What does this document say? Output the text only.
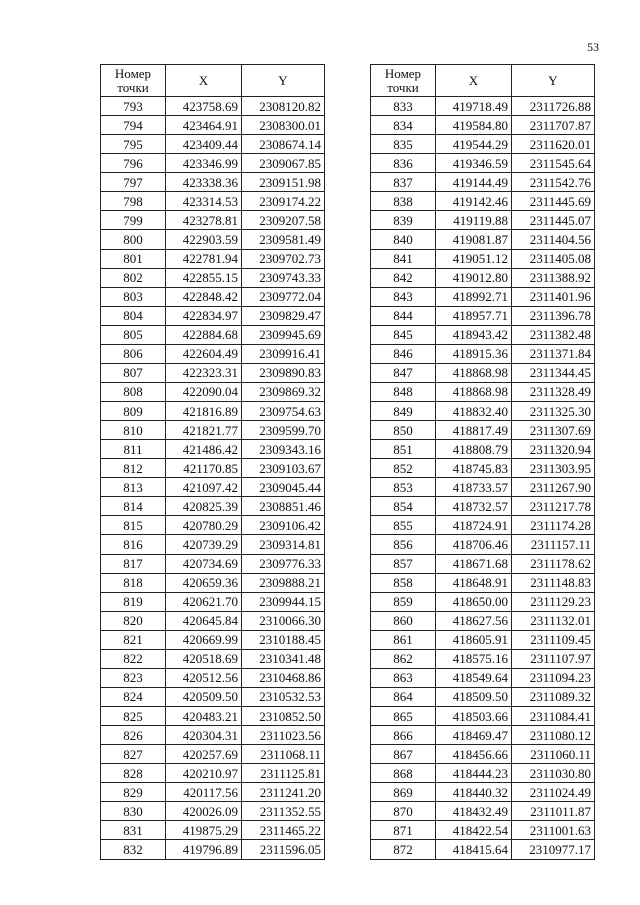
53
Номер
точки	X	Y
793	423758.69	2308120.82
794	423464.91	2308300.01
795	423409.44	2308674.14
796	423346.99	2309067.85
797	423338.36	2309151.98
798	423314.53	2309174.22
799	423278.81	2309207.58
800	422903.59	2309581.49
801	422781.94	2309702.73
802	422855.15	2309743.33
803	422848.42	2309772.04
804	422834.97	2309829.47
805	422884.68	2309945.69
806	422604.49	2309916.41
807	422323.31	2309890.83
808	422090.04	2309869.32
809	421816.89	2309754.63
810	421821.77	2309599.70
811	421486.42	2309343.16
812	421170.85	2309103.67
813	421097.42	2309045.44
814	420825.39	2308851.46
815	420780.29	2309106.42
816	420739.29	2309314.81
817	420734.69	2309776.33
818	420659.36	2309888.21
819	420621.70	2309944.15
820	420645.84	2310066.30
821	420669.99	2310188.45
822	420518.69	2310341.48
823	420512.56	2310468.86
824	420509.50	2310532.53
825	420483.21	2310852.50
826	420304.31	2311023.56
827	420257.69	2311068.11
828	420210.97	2311125.81
829	420117.56	2311241.20
830	420026.09	2311352.55
831	419875.29	2311465.22
832	419796.89	2311596.05
Номер
точки	X	Y
833	419718.49	2311726.88
834	419584.80	2311707.87
835	419544.29	2311620.01
836	419346.59	2311545.64
837	419144.49	2311542.76
838	419142.46	2311445.69
839	419119.88	2311445.07
840	419081.87	2311404.56
841	419051.12	2311405.08
842	419012.80	2311388.92
843	418992.71	2311401.96
844	418957.71	2311396.78
845	418943.42	2311382.48
846	418915.36	2311371.84
847	418868.98	2311344.45
848	418868.98	2311328.49
849	418832.40	2311325.30
850	418817.49	2311307.69
851	418808.79	2311320.94
852	418745.83	2311303.95
853	418733.57	2311267.90
854	418732.57	2311217.78
855	418724.91	2311174.28
856	418706.46	2311157.11
857	418671.68	2311178.62
858	418648.91	2311148.83
859	418650.00	2311129.23
860	418627.56	2311132.01
861	418605.91	2311109.45
862	418575.16	2311107.97
863	418549.64	2311094.23
864	418509.50	2311089.32
865	418503.66	2311084.41
866	418469.47	2311080.12
867	418456.66	2311060.11
868	418444.23	2311030.80
869	418440.32	2311024.49
870	418432.49	2311011.87
871	418422.54	2311001.63
872	418415.64	2310977.17
